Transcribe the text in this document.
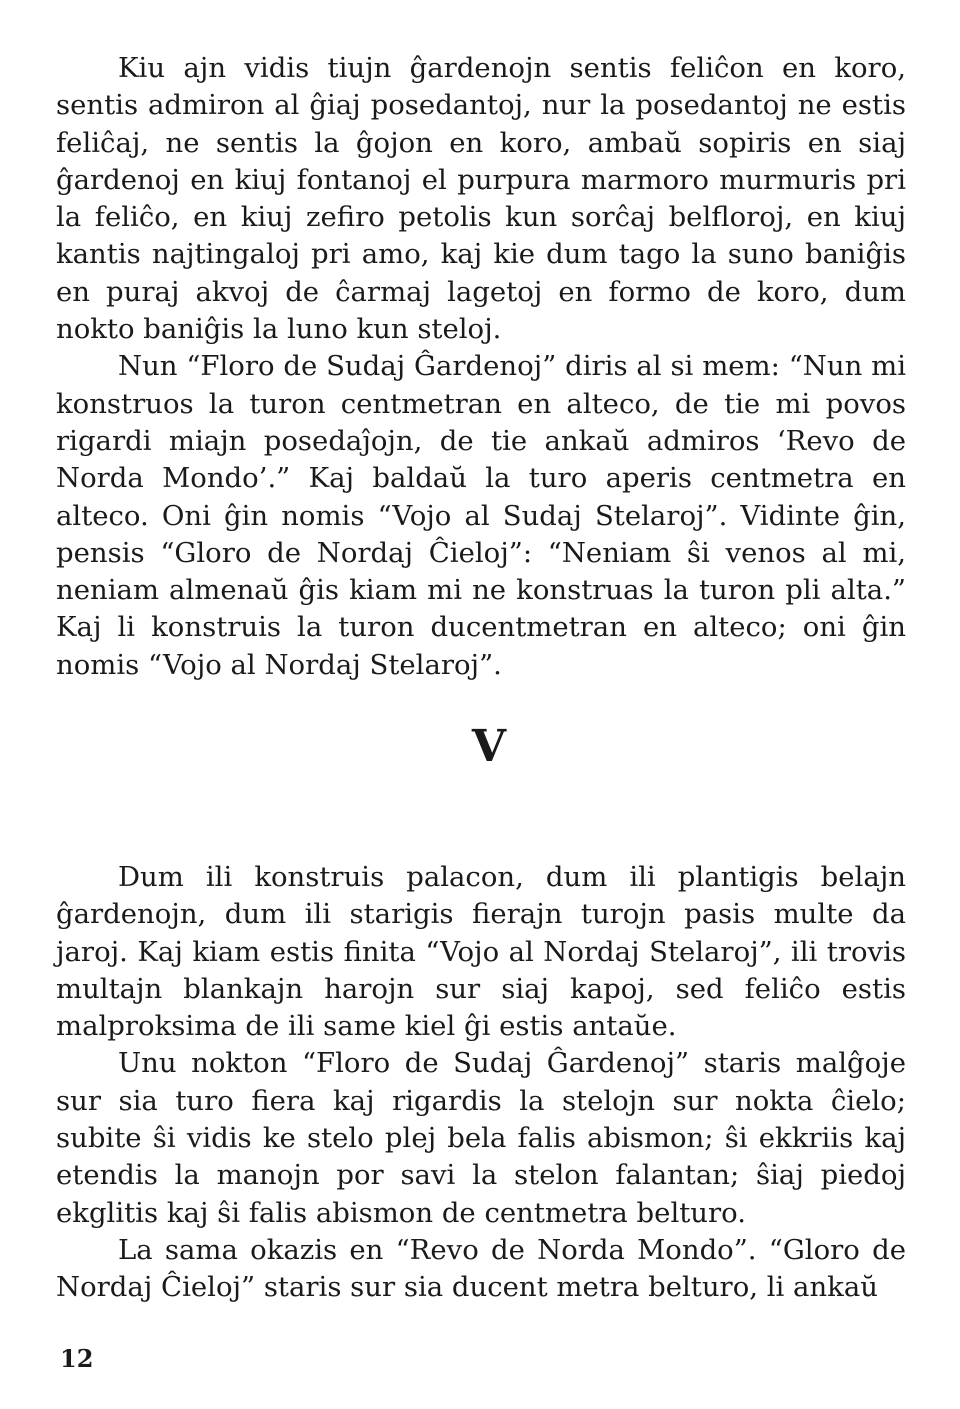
Kiu ajn vidis tiujn ĝardenojn sentis feliĉon en koro, sentis admiron al ĝiaj posedantoj, nur la posedantoj ne estis feliĉaj, ne sentis la ĝojon en koro, ambaŭ sopiris en siaj ĝardenoj en kiuj fontanoj el purpura marmoro murmuris pri la feliĉo, en kiuj zefiro petolis kun sorĉaj belfloroj, en kiuj kantis najtingaloj pri amo, kaj kie dum tago la suno baniĝis en puraj akvoj de ĉarmaj lagetoj en formo de koro, dum nokto baniĝis la luno kun steloj.

Nun “Floro de Sudaj Ĝardenoj” diris al si mem: “Nun mi konstruos la turon centmetran en alteco, de tie mi povos rigardi miajn posedaĵojn, de tie ankaŭ admiros ‘Revo de Norda Mondo’.” Kaj baldaŭ la turo aperis centmetra en alteco. Oni ĝin nomis “Vojo al Sudaj Stelaroj”. Vidinte ĝin, pensis “Gloro de Nordaj Ĉieloj”: “Neniam ŝi venos al mi, neniam almenaŭ ĝis kiam mi ne konstruas la turon pli alta.” Kaj li konstruis la turon ducentmetran en alteco; oni ĝin nomis “Vojo al Nordaj Stelaroj”.

V

Dum ili konstruis palacon, dum ili plantigis belajn ĝardenojn, dum ili starigis fierajn turojn pasis multe da jaroj. Kaj kiam estis finita “Vojo al Nordaj Stelaroj”, ili trovis multajn blankajn harojn sur siaj kapoj, sed feliĉo estis malproksima de ili same kiel ĝi estis antaŭe.

Unu nokton “Floro de Sudaj Ĝardenoj” staris malĝoje sur sia turo fiera kaj rigardis la stelojn sur nokta ĉielo; subite ŝi vidis ke stelo plej bela falis abismon; ŝi ekkriis kaj etendis la manojn por savi la stelon falantan; ŝiaj piedoj ekglitis kaj ŝi falis abismon de centmetra belturo.

La sama okazis en “Revo de Norda Mondo”. “Gloro de Nordaj Ĉieloj” staris sur sia ducent metra belturo, li ankaŭ

12
